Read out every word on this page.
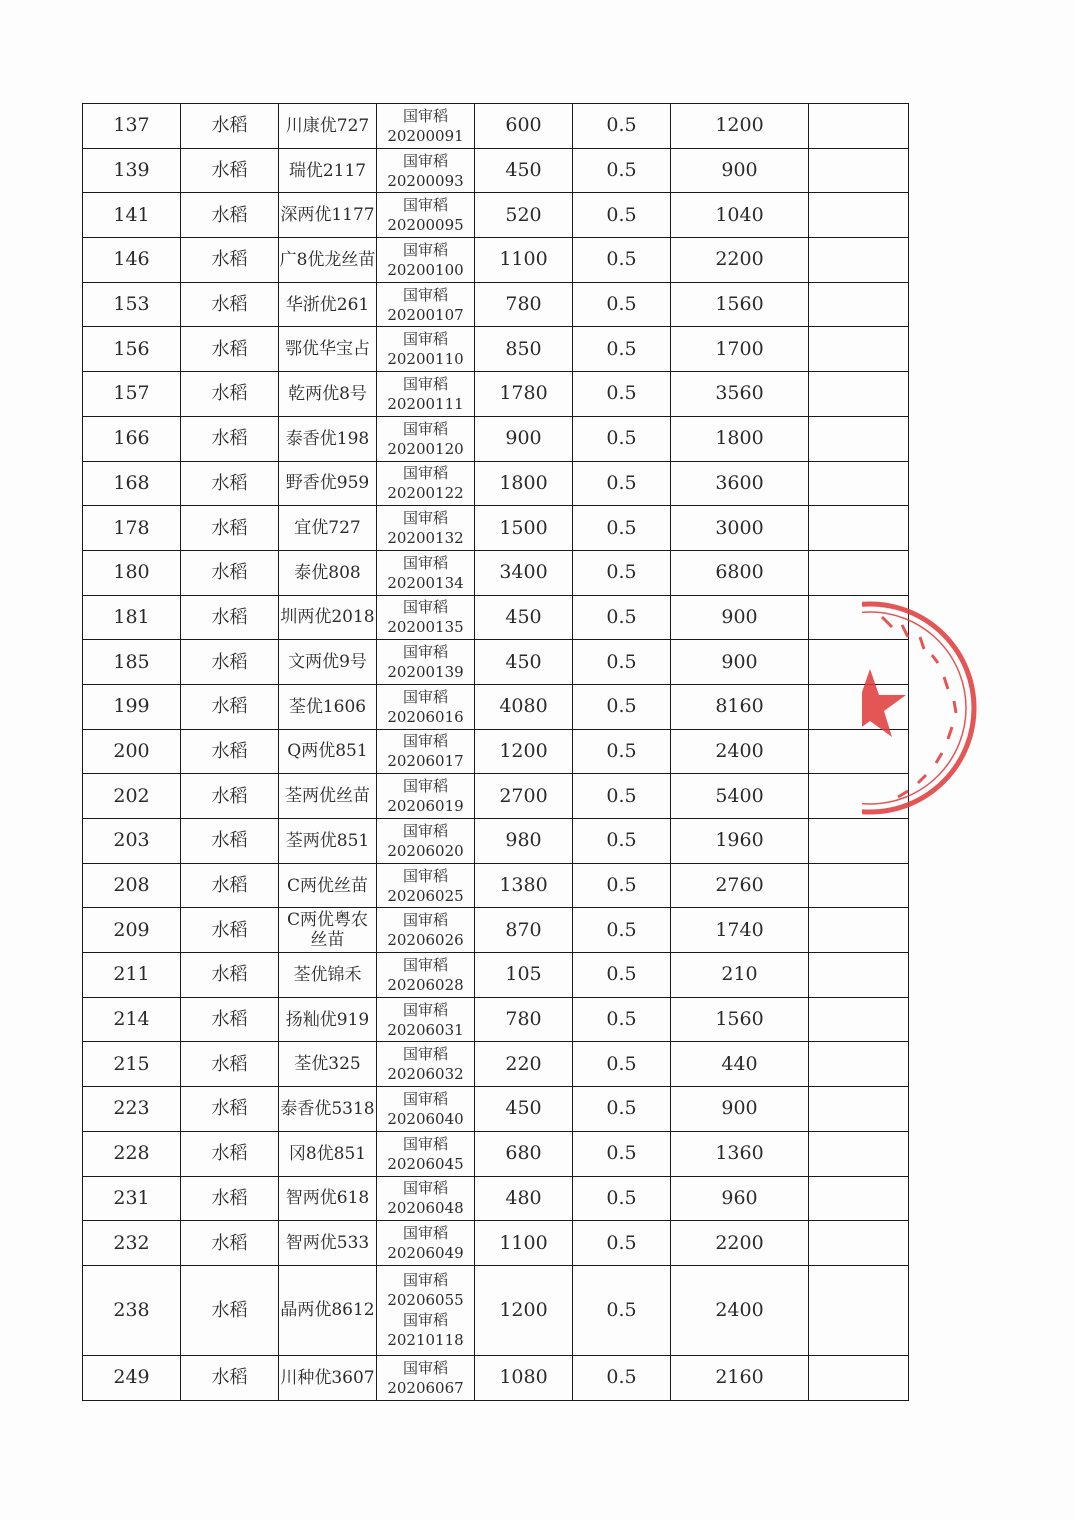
137	水稻	川康优727	国审稻
20200091	600	0.5	1200	
139	水稻	瑞优2117	国审稻
20200093	450	0.5	900	
141	水稻	深两优1177	国审稻
20200095	520	0.5	1040	
146	水稻	广8优龙丝苗	国审稻
20200100	1100	0.5	2200	
153	水稻	华浙优261	国审稻
20200107	780	0.5	1560	
156	水稻	鄂优华宝占	国审稻
20200110	850	0.5	1700	
157	水稻	乾两优8号	国审稻
20200111	1780	0.5	3560	
166	水稻	泰香优198	国审稻
20200120	900	0.5	1800	
168	水稻	野香优959	国审稻
20200122	1800	0.5	3600	
178	水稻	宜优727	国审稻
20200132	1500	0.5	3000	
180	水稻	泰优808	国审稻
20200134	3400	0.5	6800	
181	水稻	圳两优2018	国审稻
20200135	450	0.5	900	
185	水稻	文两优9号	国审稻
20200139	450	0.5	900	
199	水稻	荃优1606	国审稻
20206016	4080	0.5	8160	
200	水稻	Q两优851	国审稻
20206017	1200	0.5	2400	
202	水稻	荃两优丝苗	国审稻
20206019	2700	0.5	5400	
203	水稻	荃两优851	国审稻
20206020	980	0.5	1960	
208	水稻	C两优丝苗	国审稻
20206025	1380	0.5	2760	
209	水稻	C两优粤农丝苗	国审稻
20206026	870	0.5	1740	
211	水稻	荃优锦禾	国审稻
20206028	105	0.5	210	
214	水稻	扬籼优919	国审稻
20206031	780	0.5	1560	
215	水稻	荃优325	国审稻
20206032	220	0.5	440	
223	水稻	泰香优5318	国审稻
20206040	450	0.5	900	
228	水稻	冈8优851	国审稻
20206045	680	0.5	1360	
231	水稻	智两优618	国审稻
20206048	480	0.5	960	
232	水稻	智两优533	国审稻
20206049	1100	0.5	2200	
238	水稻	晶两优8612	国审稻
20206055
国审稻
20210118	1200	0.5	2400	
249	水稻	川种优3607	国审稻
20206067	1080	0.5	2160	
